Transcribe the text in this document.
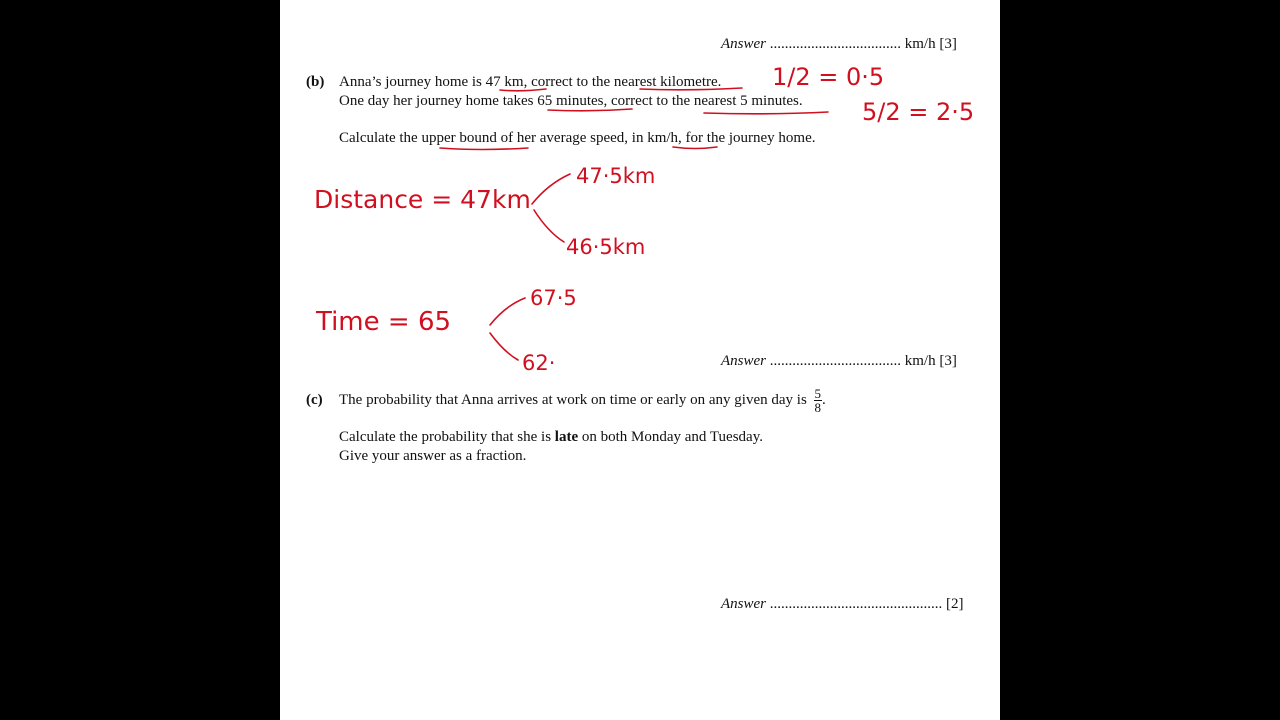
Answer ................................... km/h [3]
(b) Anna’s journey home is 47 km, correct to the nearest kilometre.
One day her journey home takes 65 minutes, correct to the nearest 5 minutes.
Calculate the upper bound of her average speed, in km/h, for the journey home.
Answer ................................... km/h [3]
(c) The probability that Anna arrives at work on time or early on any given day is $\frac{5}{8}$ .
Calculate the probability that she is late on both Monday and Tuesday.
Give your answer as a fraction.
Answer .............................................. [2]
1/2 = 0·5
5/2 = 2·5
Distance = 47km
47·5km
46·5km
Time = 65
67·5
62·
